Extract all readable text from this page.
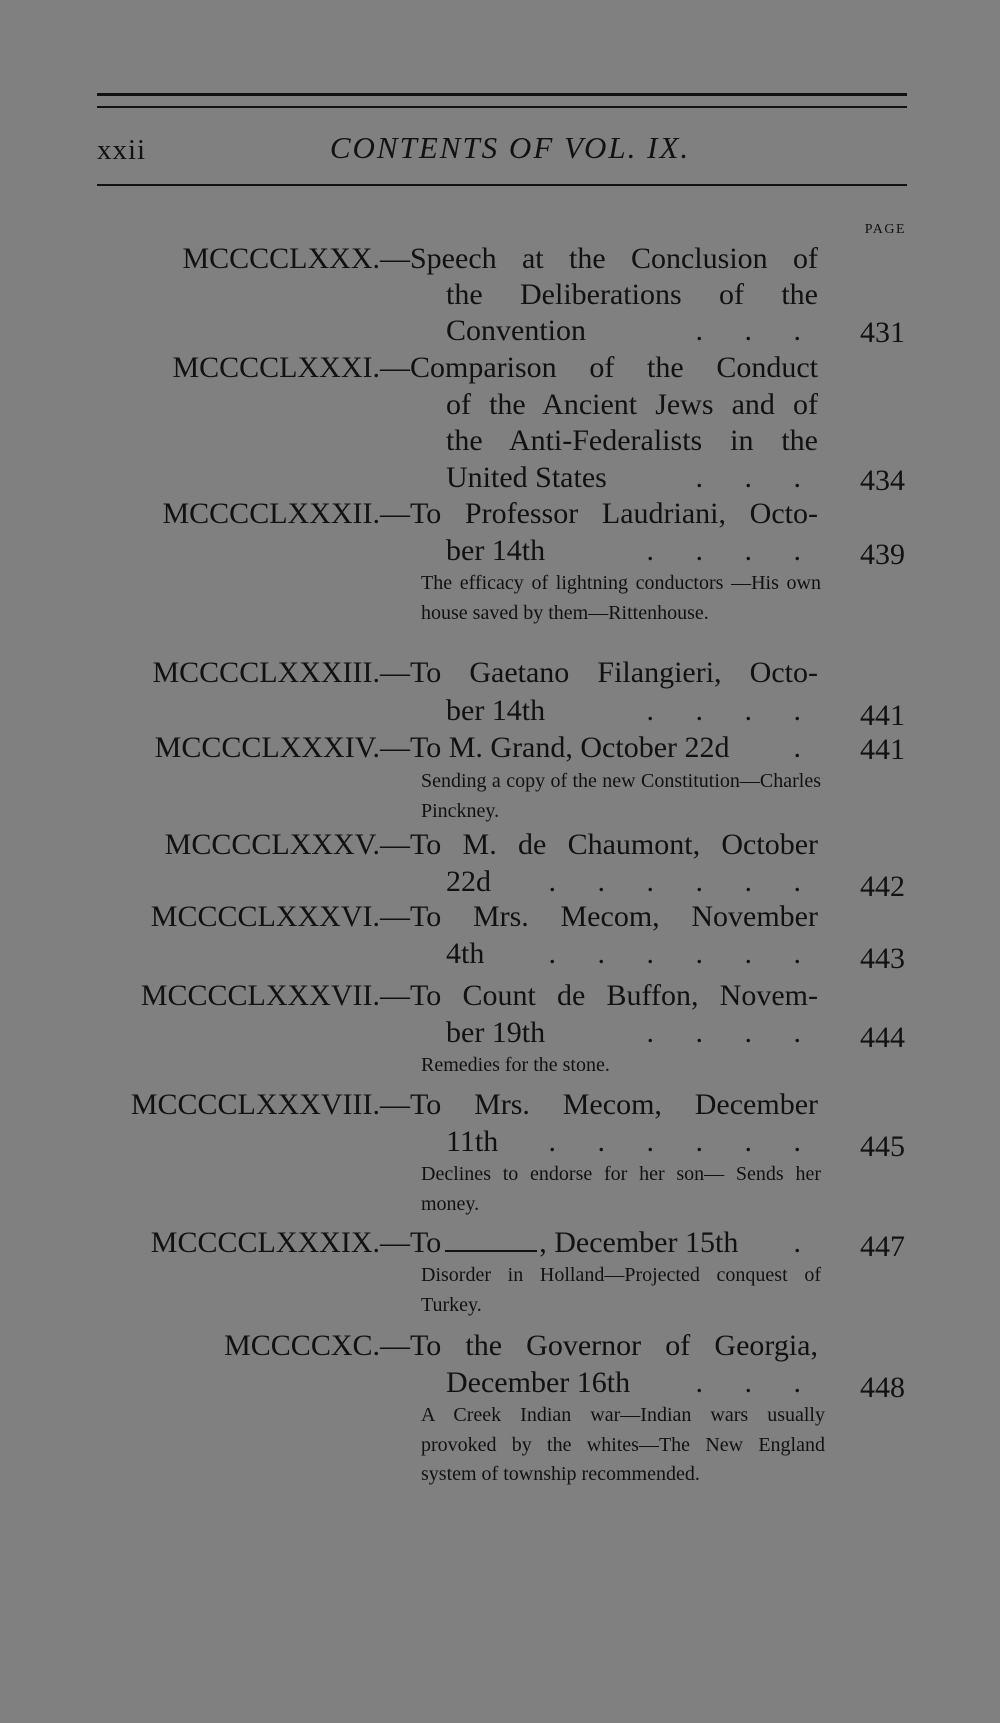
xxii	CONTENTS OF VOL. IX.
PAGE
MCCCCLXXX. —Speech at the Conclusion of
the Deliberations of the
Convention	. . . 431
MCCCCLXXXI. —Comparison of the Conduct
of the Ancient Jews and of
the Anti-Federalists in the
United States	. . . 434
MCCCCLXXXII. —To Professor Laudriani, Octo-
ber 14th	. . . . 439
The efficacy of lightning conductors —His own house saved by them—Rittenhouse.
MCCCCLXXXIII. —To Gaetano Filangieri, Octo-
ber 14th	. . . . 441
MCCCCLXXXIV. —To M. Grand, October 22d	. 441
Sending a copy of the new Constitution—Charles Pinckney.
MCCCCLXXXV. —To M. de Chaumont, October
22d	. . . . . . 442
MCCCCLXXXVI. —To Mrs. Mecom, November
4th	. . . . . . 443
MCCCCLXXXVII. —To Count de Buffon, Novem-
ber 19th	. . . . 444
Remedies for the stone.
MCCCCLXXXVIII. —To Mrs. Mecom, December
11th	. . . . . . 445
Declines to endorse for her son— Sends her money.
MCCCCLXXXIX. —To	, December 15th	. 447
Disorder in Holland—Projected conquest of Turkey.
MCCCCXC. —To the Governor of Georgia,
December 16th	. . . 448
A Creek Indian war—Indian wars usually provoked by the whites—The New England system of township recommended.
